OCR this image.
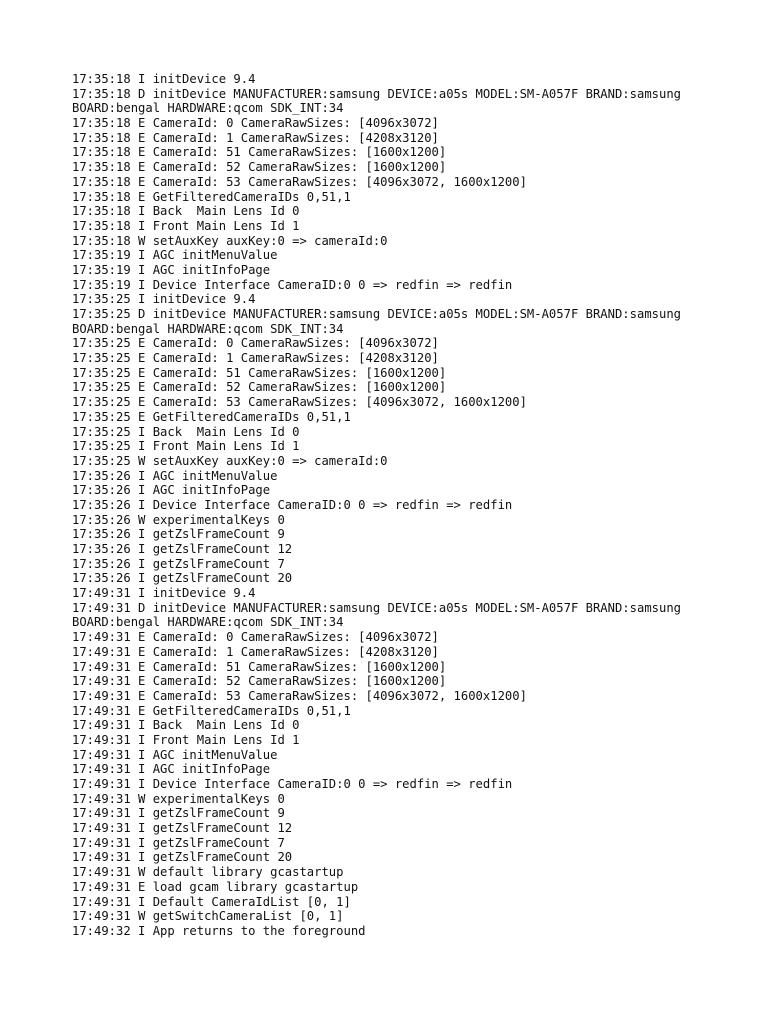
17:35:18 I initDevice 9.4
17:35:18 D initDevice MANUFACTURER:samsung DEVICE:a05s MODEL:SM-A057F BRAND:samsung
BOARD:bengal HARDWARE:qcom SDK_INT:34
17:35:18 E CameraId: 0 CameraRawSizes: [4096x3072]
17:35:18 E CameraId: 1 CameraRawSizes: [4208x3120]
17:35:18 E CameraId: 51 CameraRawSizes: [1600x1200]
17:35:18 E CameraId: 52 CameraRawSizes: [1600x1200]
17:35:18 E CameraId: 53 CameraRawSizes: [4096x3072, 1600x1200]
17:35:18 E GetFilteredCameraIDs 0,51,1
17:35:18 I Back  Main Lens Id 0
17:35:18 I Front Main Lens Id 1
17:35:18 W setAuxKey auxKey:0 => cameraId:0
17:35:19 I AGC initMenuValue
17:35:19 I AGC initInfoPage
17:35:19 I Device Interface CameraID:0 0 => redfin => redfin
17:35:25 I initDevice 9.4
17:35:25 D initDevice MANUFACTURER:samsung DEVICE:a05s MODEL:SM-A057F BRAND:samsung
BOARD:bengal HARDWARE:qcom SDK_INT:34
17:35:25 E CameraId: 0 CameraRawSizes: [4096x3072]
17:35:25 E CameraId: 1 CameraRawSizes: [4208x3120]
17:35:25 E CameraId: 51 CameraRawSizes: [1600x1200]
17:35:25 E CameraId: 52 CameraRawSizes: [1600x1200]
17:35:25 E CameraId: 53 CameraRawSizes: [4096x3072, 1600x1200]
17:35:25 E GetFilteredCameraIDs 0,51,1
17:35:25 I Back  Main Lens Id 0
17:35:25 I Front Main Lens Id 1
17:35:25 W setAuxKey auxKey:0 => cameraId:0
17:35:26 I AGC initMenuValue
17:35:26 I AGC initInfoPage
17:35:26 I Device Interface CameraID:0 0 => redfin => redfin
17:35:26 W experimentalKeys 0
17:35:26 I getZslFrameCount 9
17:35:26 I getZslFrameCount 12
17:35:26 I getZslFrameCount 7
17:35:26 I getZslFrameCount 20
17:49:31 I initDevice 9.4
17:49:31 D initDevice MANUFACTURER:samsung DEVICE:a05s MODEL:SM-A057F BRAND:samsung
BOARD:bengal HARDWARE:qcom SDK_INT:34
17:49:31 E CameraId: 0 CameraRawSizes: [4096x3072]
17:49:31 E CameraId: 1 CameraRawSizes: [4208x3120]
17:49:31 E CameraId: 51 CameraRawSizes: [1600x1200]
17:49:31 E CameraId: 52 CameraRawSizes: [1600x1200]
17:49:31 E CameraId: 53 CameraRawSizes: [4096x3072, 1600x1200]
17:49:31 E GetFilteredCameraIDs 0,51,1
17:49:31 I Back  Main Lens Id 0
17:49:31 I Front Main Lens Id 1
17:49:31 I AGC initMenuValue
17:49:31 I AGC initInfoPage
17:49:31 I Device Interface CameraID:0 0 => redfin => redfin
17:49:31 W experimentalKeys 0
17:49:31 I getZslFrameCount 9
17:49:31 I getZslFrameCount 12
17:49:31 I getZslFrameCount 7
17:49:31 I getZslFrameCount 20
17:49:31 W default library gcastartup
17:49:31 E load gcam library gcastartup
17:49:31 I Default CameraIdList [0, 1]
17:49:31 W getSwitchCameraList [0, 1]
17:49:32 I App returns to the foreground
